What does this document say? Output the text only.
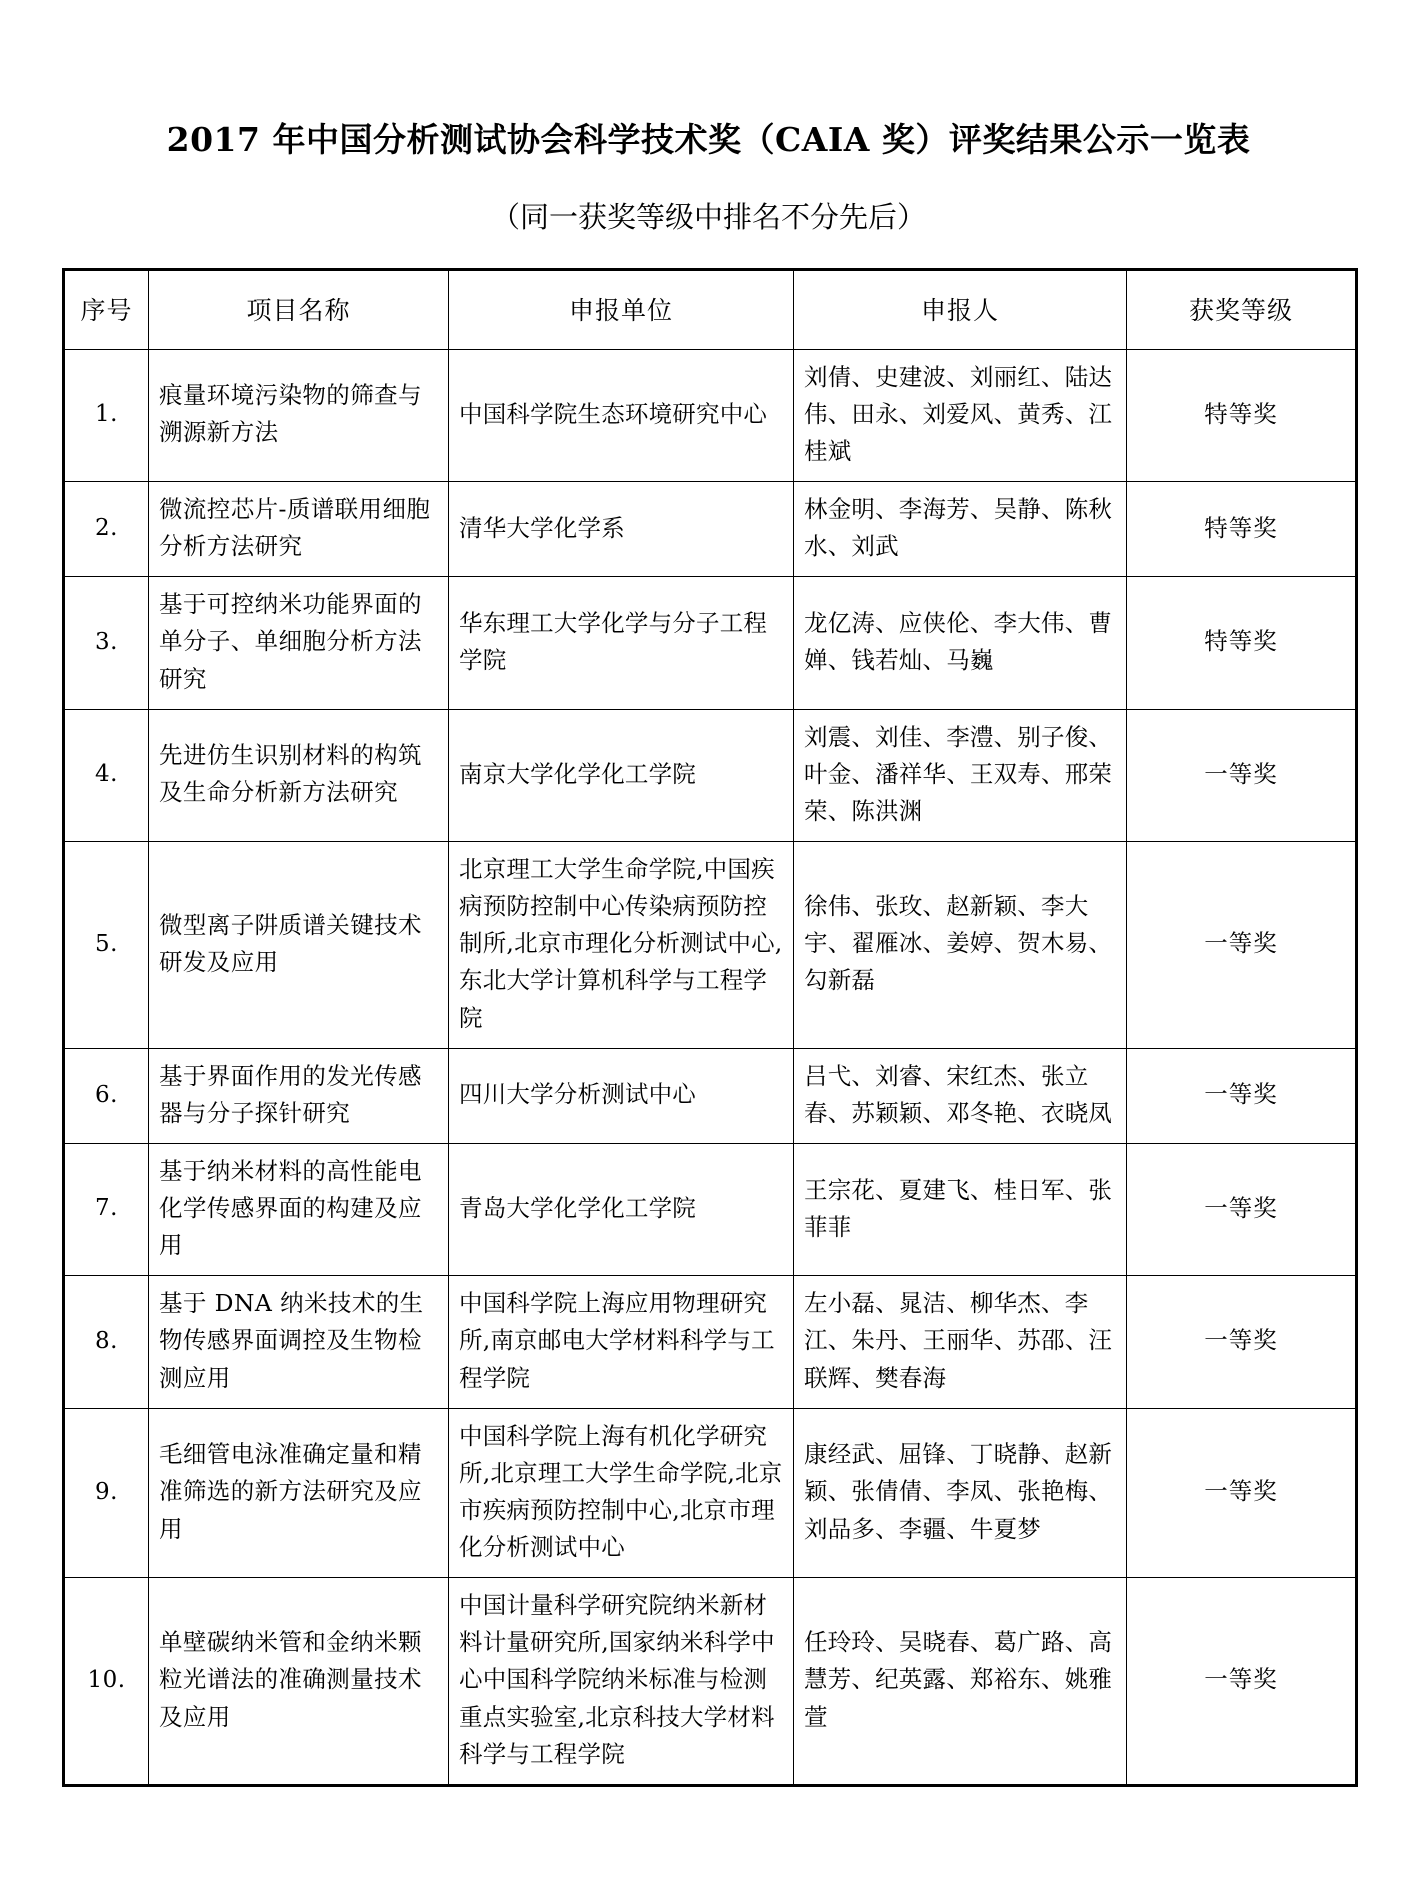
2017 年中国分析测试协会科学技术奖（CAIA 奖）评奖结果公示一览表
（同一获奖等级中排名不分先后）
序号	项目名称	申报单位	申报人	获奖等级
1.	痕量环境污染物的筛查与溯源新方法	中国科学院生态环境研究中心	刘倩、史建波、刘丽红、陆达伟、田永、刘爱风、黄秀、江桂斌	特等奖
2.	微流控芯片-质谱联用细胞分析方法研究	清华大学化学系	林金明、李海芳、吴静、陈秋水、刘武	特等奖
3.	基于可控纳米功能界面的单分子、单细胞分析方法研究	华东理工大学化学与分子工程学院	龙亿涛、应侠伦、李大伟、曹婵、钱若灿、马巍	特等奖
4.	先进仿生识别材料的构筑及生命分析新方法研究	南京大学化学化工学院	刘震、刘佳、李澧、别子俊、叶金、潘祥华、王双寿、邢荣荣、陈洪渊	一等奖
5.	微型离子阱质谱关键技术研发及应用	北京理工大学生命学院,中国疾病预防控制中心传染病预防控制所,北京市理化分析测试中心,东北大学计算机科学与工程学院	徐伟、张玫、赵新颖、李大宇、翟雁冰、姜婷、贺木易、勾新磊	一等奖
6.	基于界面作用的发光传感器与分子探针研究	四川大学分析测试中心	吕弋、刘睿、宋红杰、张立春、苏颖颖、邓冬艳、衣晓凤	一等奖
7.	基于纳米材料的高性能电化学传感界面的构建及应用	青岛大学化学化工学院	王宗花、夏建飞、桂日军、张菲菲	一等奖
8.	基于 DNA 纳米技术的生物传感界面调控及生物检测应用	中国科学院上海应用物理研究所,南京邮电大学材料科学与工程学院	左小磊、晁洁、柳华杰、李江、朱丹、王丽华、苏邵、汪联辉、樊春海	一等奖
9.	毛细管电泳准确定量和精准筛选的新方法研究及应用	中国科学院上海有机化学研究所,北京理工大学生命学院,北京市疾病预防控制中心,北京市理化分析测试中心	康经武、屈锋、丁晓静、赵新颖、张倩倩、李凤、张艳梅、刘品多、李疆、牛夏梦	一等奖
10.	单壁碳纳米管和金纳米颗粒光谱法的准确测量技术及应用	中国计量科学研究院纳米新材料计量研究所,国家纳米科学中心中国科学院纳米标准与检测重点实验室,北京科技大学材料科学与工程学院	任玲玲、吴晓春、葛广路、高慧芳、纪英露、郑裕东、姚雅萱	一等奖
